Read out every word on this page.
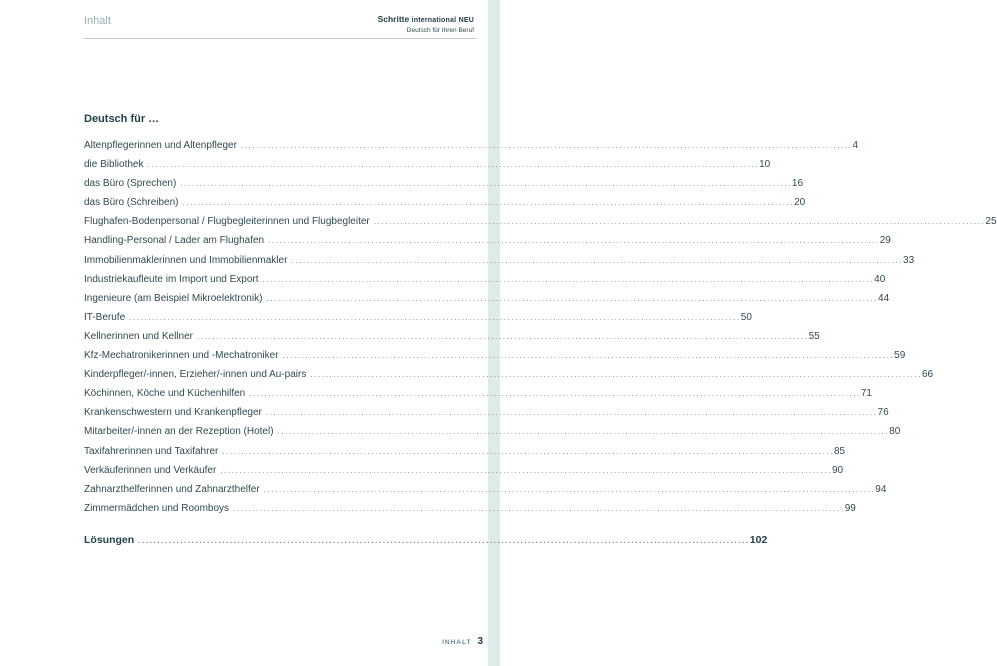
Inhalt	Schritte international NEU
Deutsch für Ihren Beruf
Deutsch für …
Altenpflegerinnen und Altenpfleger ................................................................................................................................................................ 4
die Bibliothek ................................................................................................................................................................ 10
das Büro (Sprechen) ................................................................................................................................................................ 16
das Büro (Schreiben) ................................................................................................................................................................ 20
Flughafen-Bodenpersonal / Flugbegleiterinnen und Flugbegleiter ................................................................................................................................................................ 25
Handling-Personal / Lader am Flughafen ................................................................................................................................................................ 29
Immobilienmaklerinnen und Immobilienmakler ................................................................................................................................................................ 33
Industriekaufleute im Import und Export ................................................................................................................................................................ 40
Ingenieure (am Beispiel Mikroelektronik) ................................................................................................................................................................ 44
IT-Berufe ................................................................................................................................................................ 50
Kellnerinnen und Kellner ................................................................................................................................................................ 55
Kfz-Mechatronikerinnen und -Mechatroniker ................................................................................................................................................................ 59
Kinderpfleger/-innen, Erzieher/-innen und Au-pairs ................................................................................................................................................................ 66
Köchinnen, Köche und Küchenhilfen ................................................................................................................................................................ 71
Krankenschwestern und Krankenpfleger ................................................................................................................................................................ 76
Mitarbeiter/-innen an der Rezeption (Hotel) ................................................................................................................................................................ 80
Taxifahrerinnen und Taxifahrer ................................................................................................................................................................ 85
Verkäuferinnen und Verkäufer ................................................................................................................................................................ 90
Zahnarzthelferinnen und Zahnarzthelfer ................................................................................................................................................................ 94
Zimmermädchen und Roomboys ................................................................................................................................................................ 99
Lösungen ................................................................................................................................................................ 102
INHALT 3
